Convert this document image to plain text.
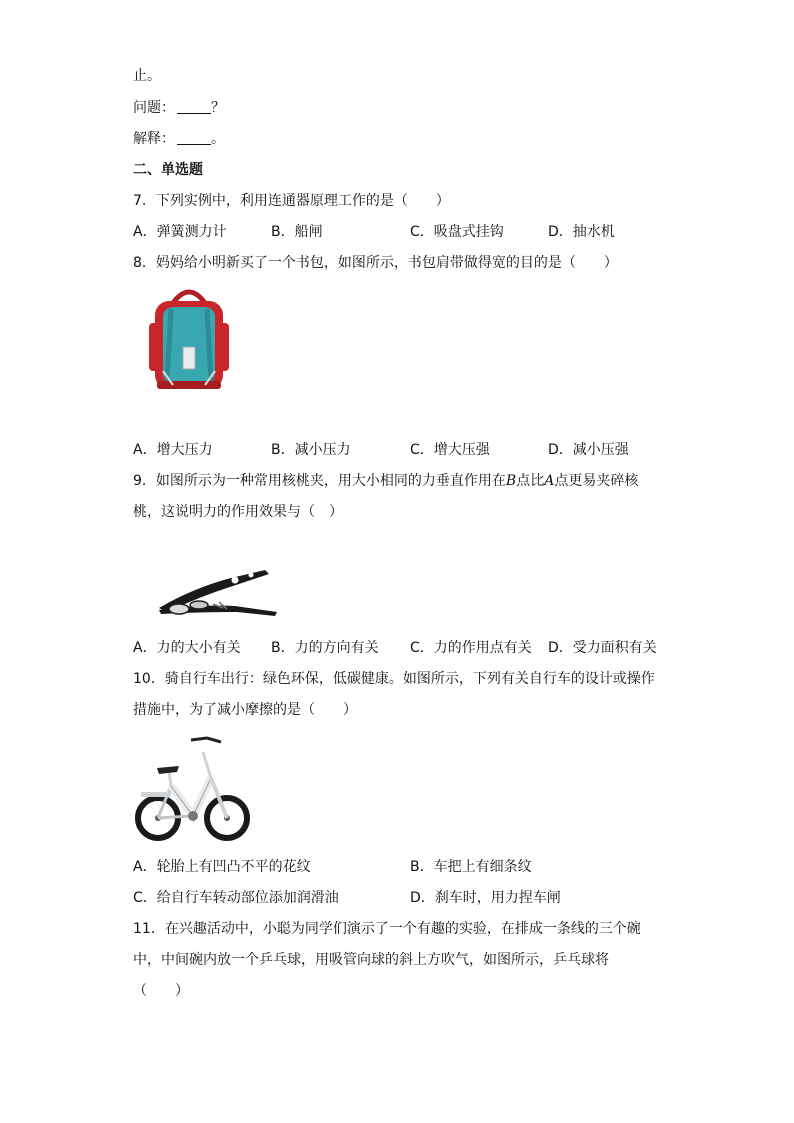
止。
问题：	？
解释：	。
二、单选题
7．下列实例中，利用连通器原理工作的是（　　）
A．弹簧测力计	B．船闸	C．吸盘式挂钩	D．抽水机
8．妈妈给小明新买了一个书包，如图所示，书包肩带做得宽的目的是（　　）
A．增大压力	B．减小压力	C．增大压强	D．减小压强
9．如图所示为一种常用核桃夹，用大小相同的力垂直作用在B点比A点更易夹碎核
桃，这说明力的作用效果与（　）
A．力的大小有关 B．力的方向有关 C．力的作用点有关 D．受力面积有关
10．骑自行车出行：绿色环保，低碳健康。如图所示，下列有关自行车的设计或操作
措施中，为了减小摩擦的是（　　）
A．轮胎上有凹凸不平的花纹	B．车把上有细条纹
C．给自行车转动部位添加润滑油	D．刹车时，用力捏车闸
11．在兴趣活动中，小聪为同学们演示了一个有趣的实验，在排成一条线的三个碗
中，中间碗内放一个乒乓球，用吸管向球的斜上方吹气，如图所示，乒乓球将
（　　）
